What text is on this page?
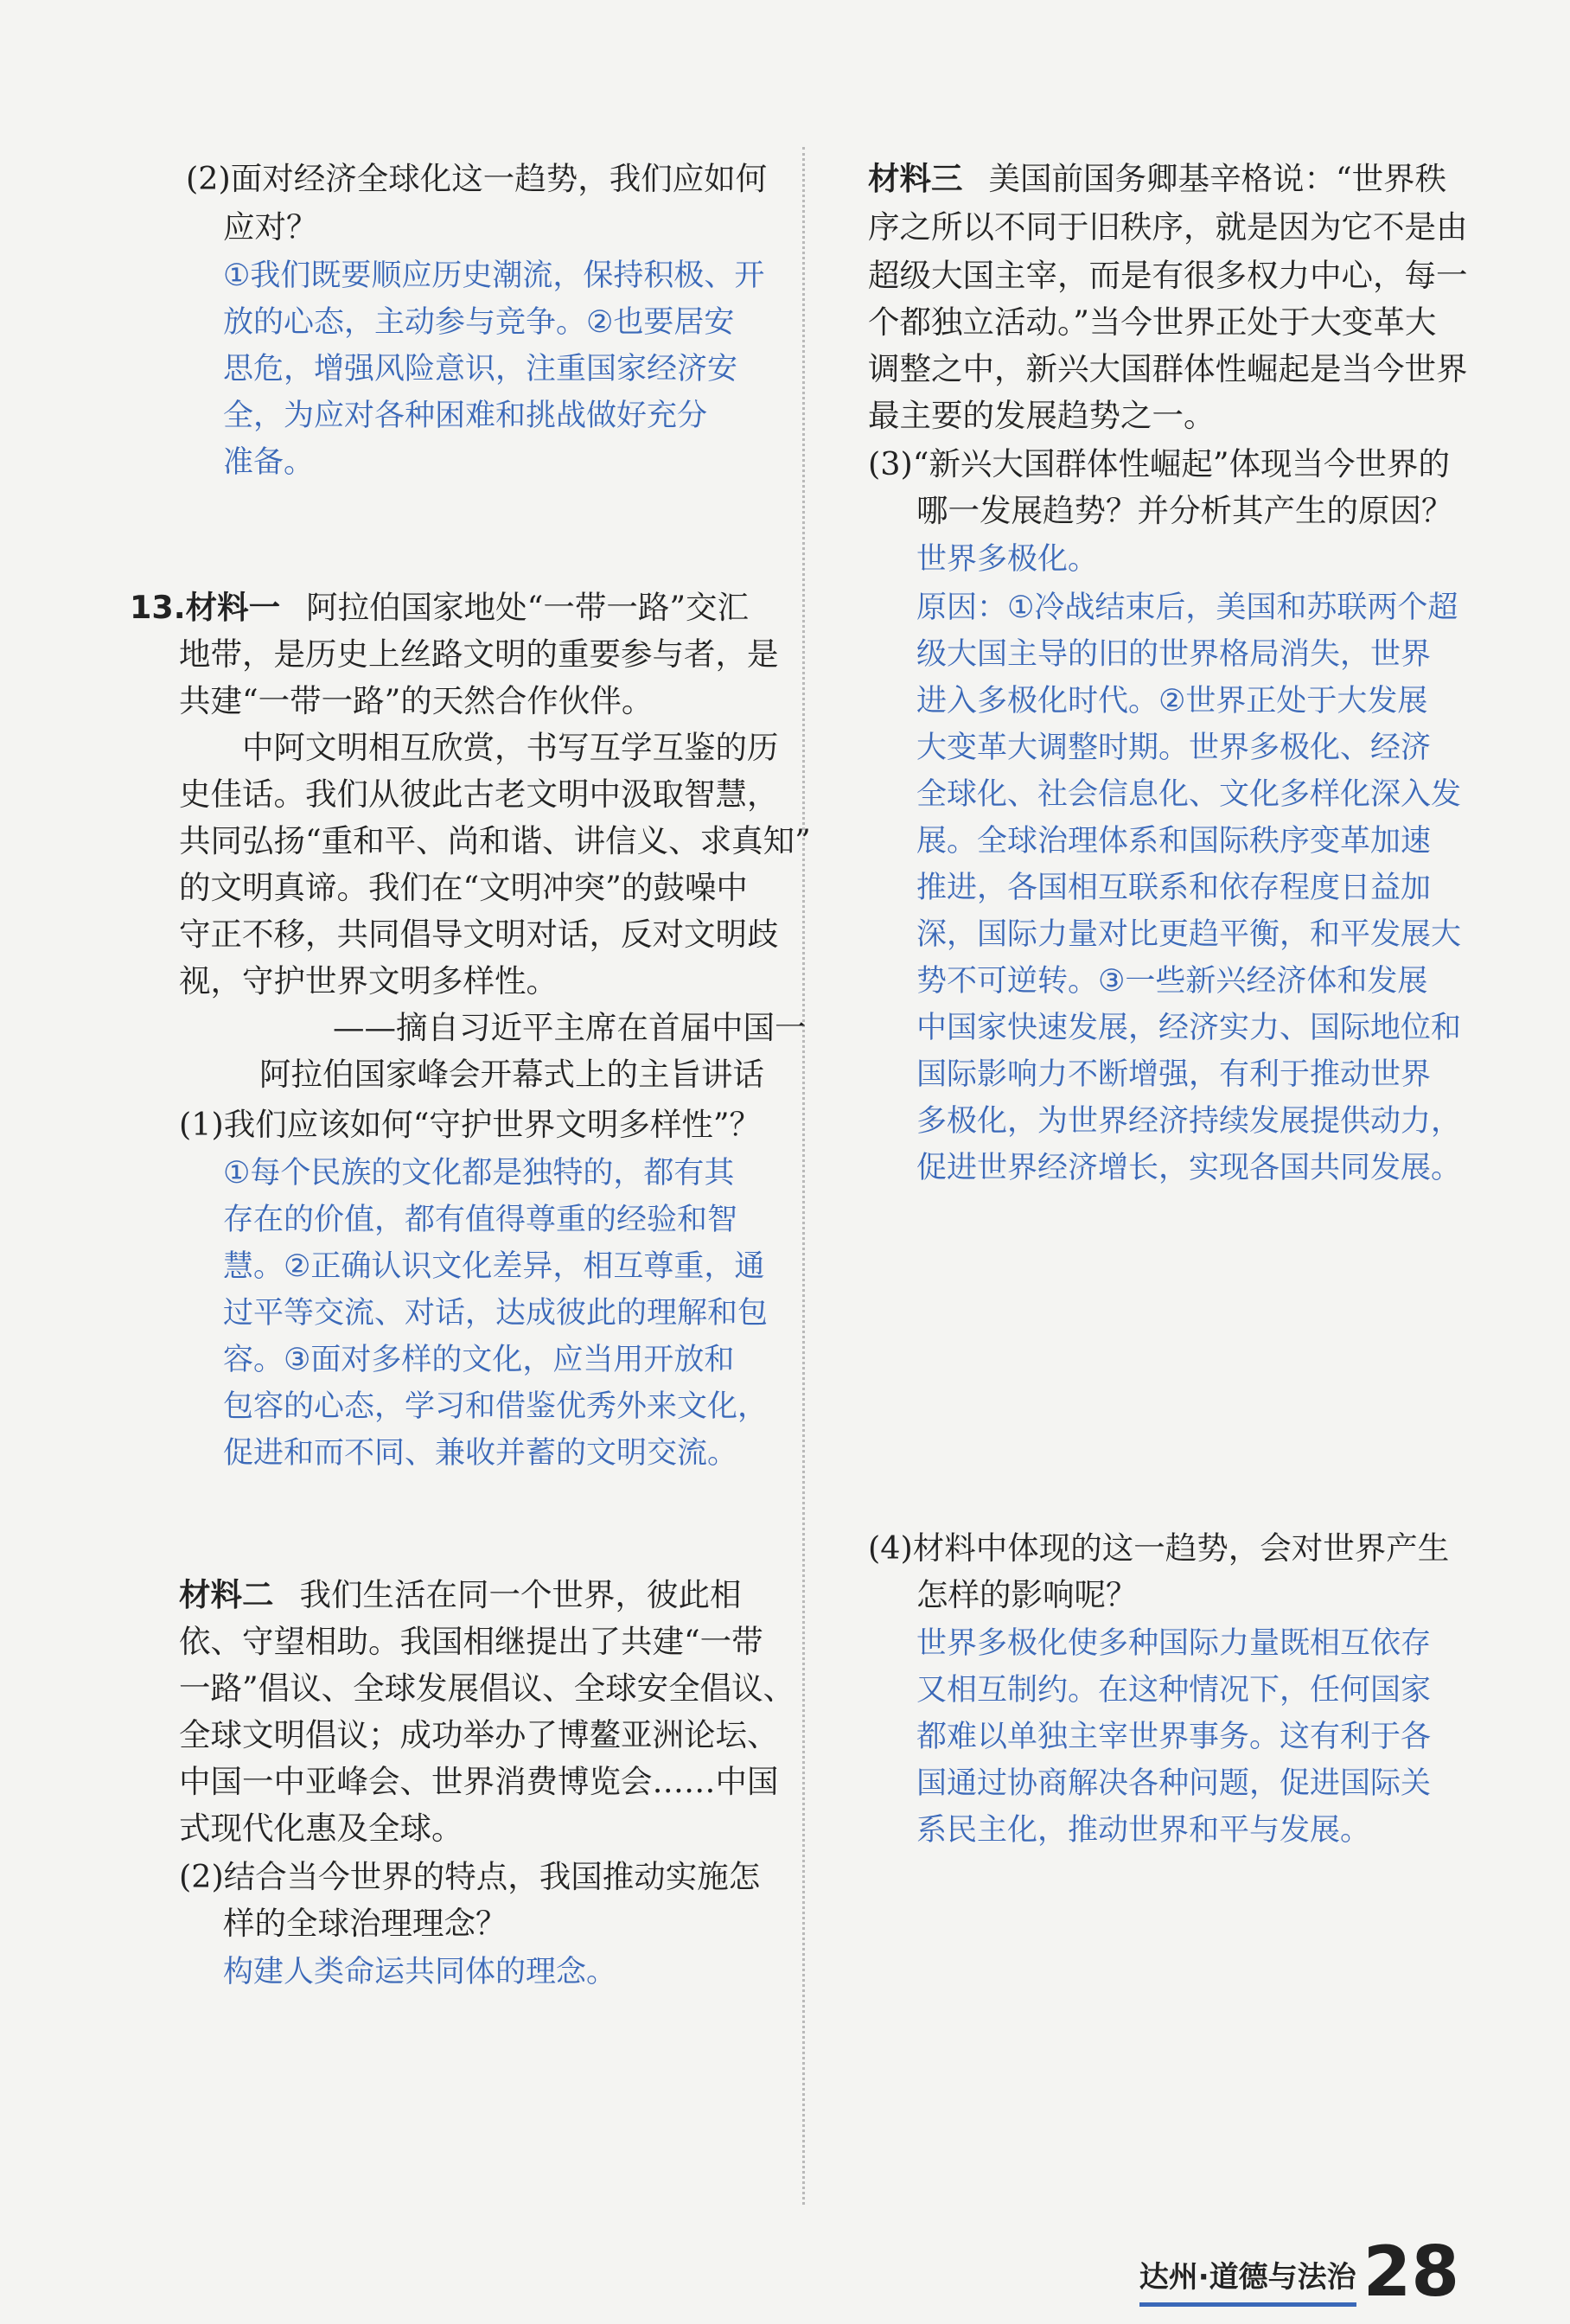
(2)面对经济全球化这一趋势，我们应如何
应对？
①我们既要顺应历史潮流，保持积极、开
放的心态，主动参与竞争。②也要居安
思危，增强风险意识，注重国家经济安
全，为应对各种困难和挑战做好充分
准备。
13.材料一 阿拉伯国家地处“一带一路”交汇
地带，是历史上丝路文明的重要参与者，是
共建“一带一路”的天然合作伙伴。
中阿文明相互欣赏，书写互学互鉴的历
史佳话。我们从彼此古老文明中汲取智慧，
共同弘扬“重和平、尚和谐、讲信义、求真知”
的文明真谛。我们在“文明冲突”的鼓噪中
守正不移，共同倡导文明对话，反对文明歧
视，守护世界文明多样性。
——摘自习近平主席在首届中国一
阿拉伯国家峰会开幕式上的主旨讲话
(1)我们应该如何“守护世界文明多样性”？
①每个民族的文化都是独特的，都有其
存在的价值，都有值得尊重的经验和智
慧。②正确认识文化差异，相互尊重，通
过平等交流、对话，达成彼此的理解和包
容。③面对多样的文化，应当用开放和
包容的心态，学习和借鉴优秀外来文化，
促进和而不同、兼收并蓄的文明交流。
材料二 我们生活在同一个世界，彼此相
依、守望相助。我国相继提出了共建“一带
一路”倡议、全球发展倡议、全球安全倡议、
全球文明倡议；成功举办了博鳌亚洲论坛、
中国一中亚峰会、世界消费博览会……中国
式现代化惠及全球。
(2)结合当今世界的特点，我国推动实施怎
样的全球治理理念？
构建人类命运共同体的理念。
材料三 美国前国务卿基辛格说：“世界秩
序之所以不同于旧秩序，就是因为它不是由
超级大国主宰，而是有很多权力中心，每一
个都独立活动。”当今世界正处于大变革大
调整之中，新兴大国群体性崛起是当今世界
最主要的发展趋势之一。
(3)“新兴大国群体性崛起”体现当今世界的
哪一发展趋势？并分析其产生的原因？
世界多极化。
原因：①冷战结束后，美国和苏联两个超
级大国主导的旧的世界格局消失，世界
进入多极化时代。②世界正处于大发展
大变革大调整时期。世界多极化、经济
全球化、社会信息化、文化多样化深入发
展。全球治理体系和国际秩序变革加速
推进，各国相互联系和依存程度日益加
深，国际力量对比更趋平衡，和平发展大
势不可逆转。③一些新兴经济体和发展
中国家快速发展，经济实力、国际地位和
国际影响力不断增强，有利于推动世界
多极化，为世界经济持续发展提供动力，
促进世界经济增长，实现各国共同发展。
(4)材料中体现的这一趋势，会对世界产生
怎样的影响呢？
世界多极化使多种国际力量既相互依存
又相互制约。在这种情况下，任何国家
都难以单独主宰世界事务。这有利于各
国通过协商解决各种问题，促进国际关
系民主化，推动世界和平与发展。
达州·道德与法治 28
